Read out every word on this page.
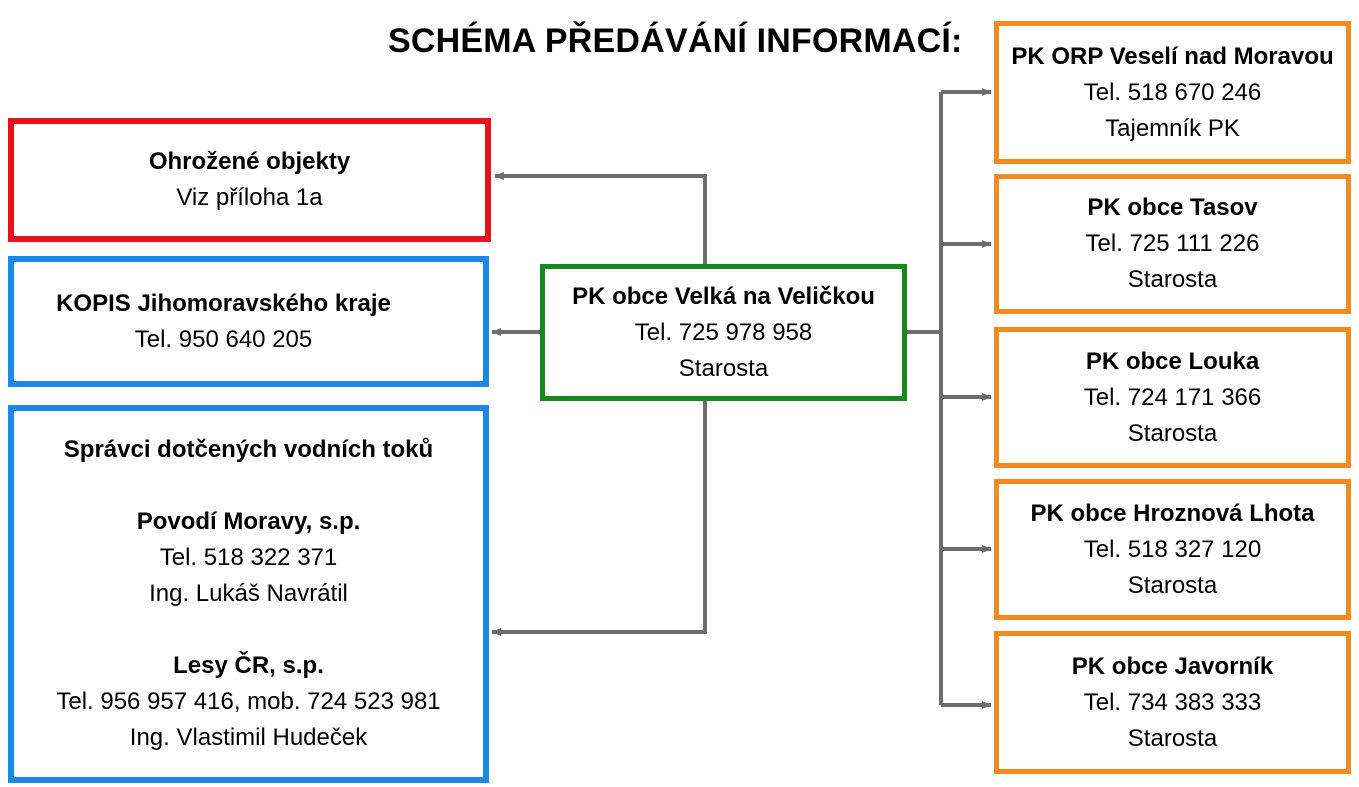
SCHÉMA PŘEDÁVÁNÍ INFORMACÍ:
Ohrožené objekty
Viz příloha 1a
KOPIS Jihomoravského kraje
Tel. 950 640 205
Správci dotčených vodních toků
Povodí Moravy, s.p.
Tel. 518 322 371
Ing. Lukáš Navrátil
Lesy ČR, s.p.
Tel. 956 957 416, mob. 724 523 981
Ing. Vlastimil Hudeček
PK obce Velká na Veličkou
Tel. 725 978 958
Starosta
PK ORP Veselí nad Moravou
Tel. 518 670 246
Tajemník PK
PK obce Tasov
Tel. 725 111 226
Starosta
PK obce Louka
Tel. 724 171 366
Starosta
PK obce Hroznová Lhota
Tel. 518 327 120
Starosta
PK obce Javorník
Tel. 734 383 333
Starosta
